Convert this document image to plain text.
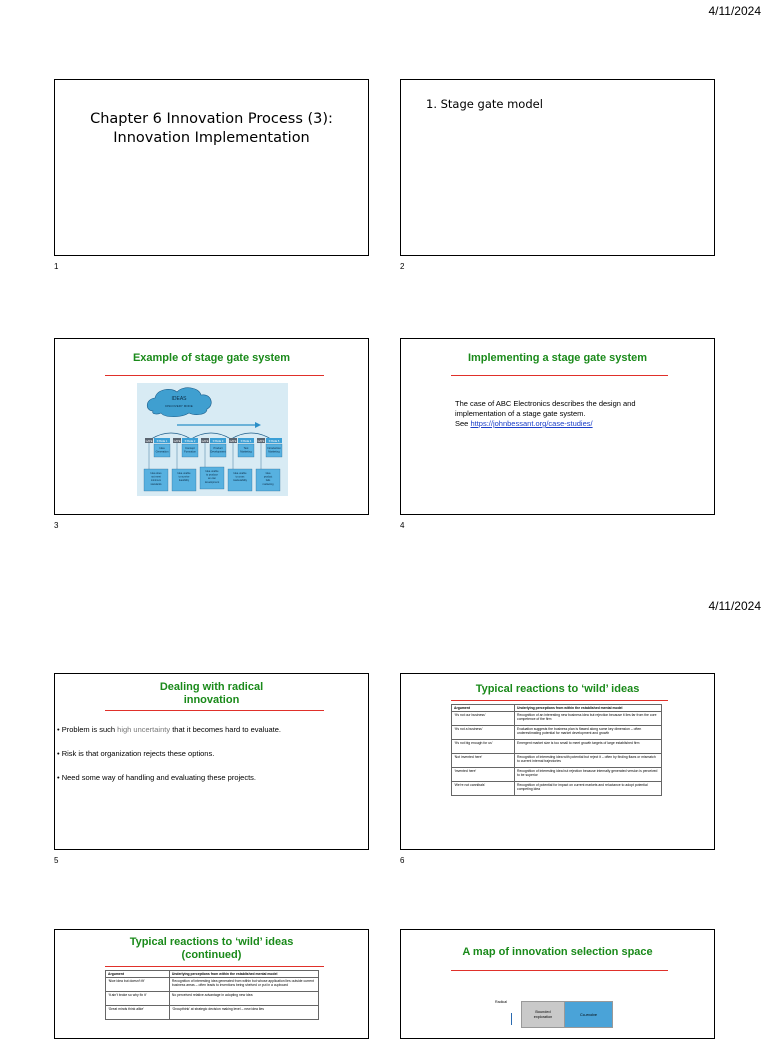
4/11/2024
Chapter 6 Innovation Process (3): Innovation Implementation
1
1. Stage gate model
2
Example of stage gate system
IDEAS
DISCOVERY MODE
GATE STAGE 1
Idea
Generation
GATE STAGE 2
Concept
Formation
GATE STAGE 3
Product
Development
GATE STAGE 4
Test
Marketing
GATE STAGE 5
Introduction
Marketing
Idea does
not meet
minimum
standards
Idea unable
to survive
feasibility
Idea unable
to produce
an own
development
Idea unable
to cross
marketability
Idea
product
fails
marketing
3
Implementing a stage gate system
The case of ABC Electronics describes the design and implementation of a stage gate system.
See https://johnbessant.org/case-studies/
4
4/11/2024
Dealing with radical
innovation
• Problem is such high uncertainty that it becomes hard to evaluate.
• Risk is that organization rejects these options.
• Need some way of handling and evaluating these projects.
5
Typical reactions to ‘wild’ ideas
Argument	Underlying perceptions from within the established mental model
‘It’s not our business’	Recognition of an interesting new business idea but rejection because it lies far from the core competence of the firm
‘It’s not a business’	Evaluation suggests the business plan is flawed along some key dimension – often underestimating potential for market development and growth
‘It’s not big enough for us’	Emergent market size is too small to meet growth targets of large established firm
‘Not invented here’	Recognition of interesting idea with potential but reject it – often by finding flaws or mismatch to current internal trajectories
‘Invented here’	Recognition of interesting idea but rejection because internally generated version is perceived to be superior
‘We’re not cannibals’	Recognition of potential for impact on current markets and reluctance to adopt potential competing idea
6
Typical reactions to ‘wild’ ideas
(continued)
Argument	Underlying perceptions from within the established mental model
‘Nice idea but doesn’t fit’	Recognition of interesting idea generated from within but whose application lies outside current business areas – often leads to inventions being shelved or put in a cupboard
‘It ain’t broke so why fix it’	No perceived relative advantage in adopting new idea
‘Great minds think alike’	‘Groupthink’ at strategic decision making level – new idea lies
A map of innovation selection space
Radical
Bounded exploration	Co-evolve
